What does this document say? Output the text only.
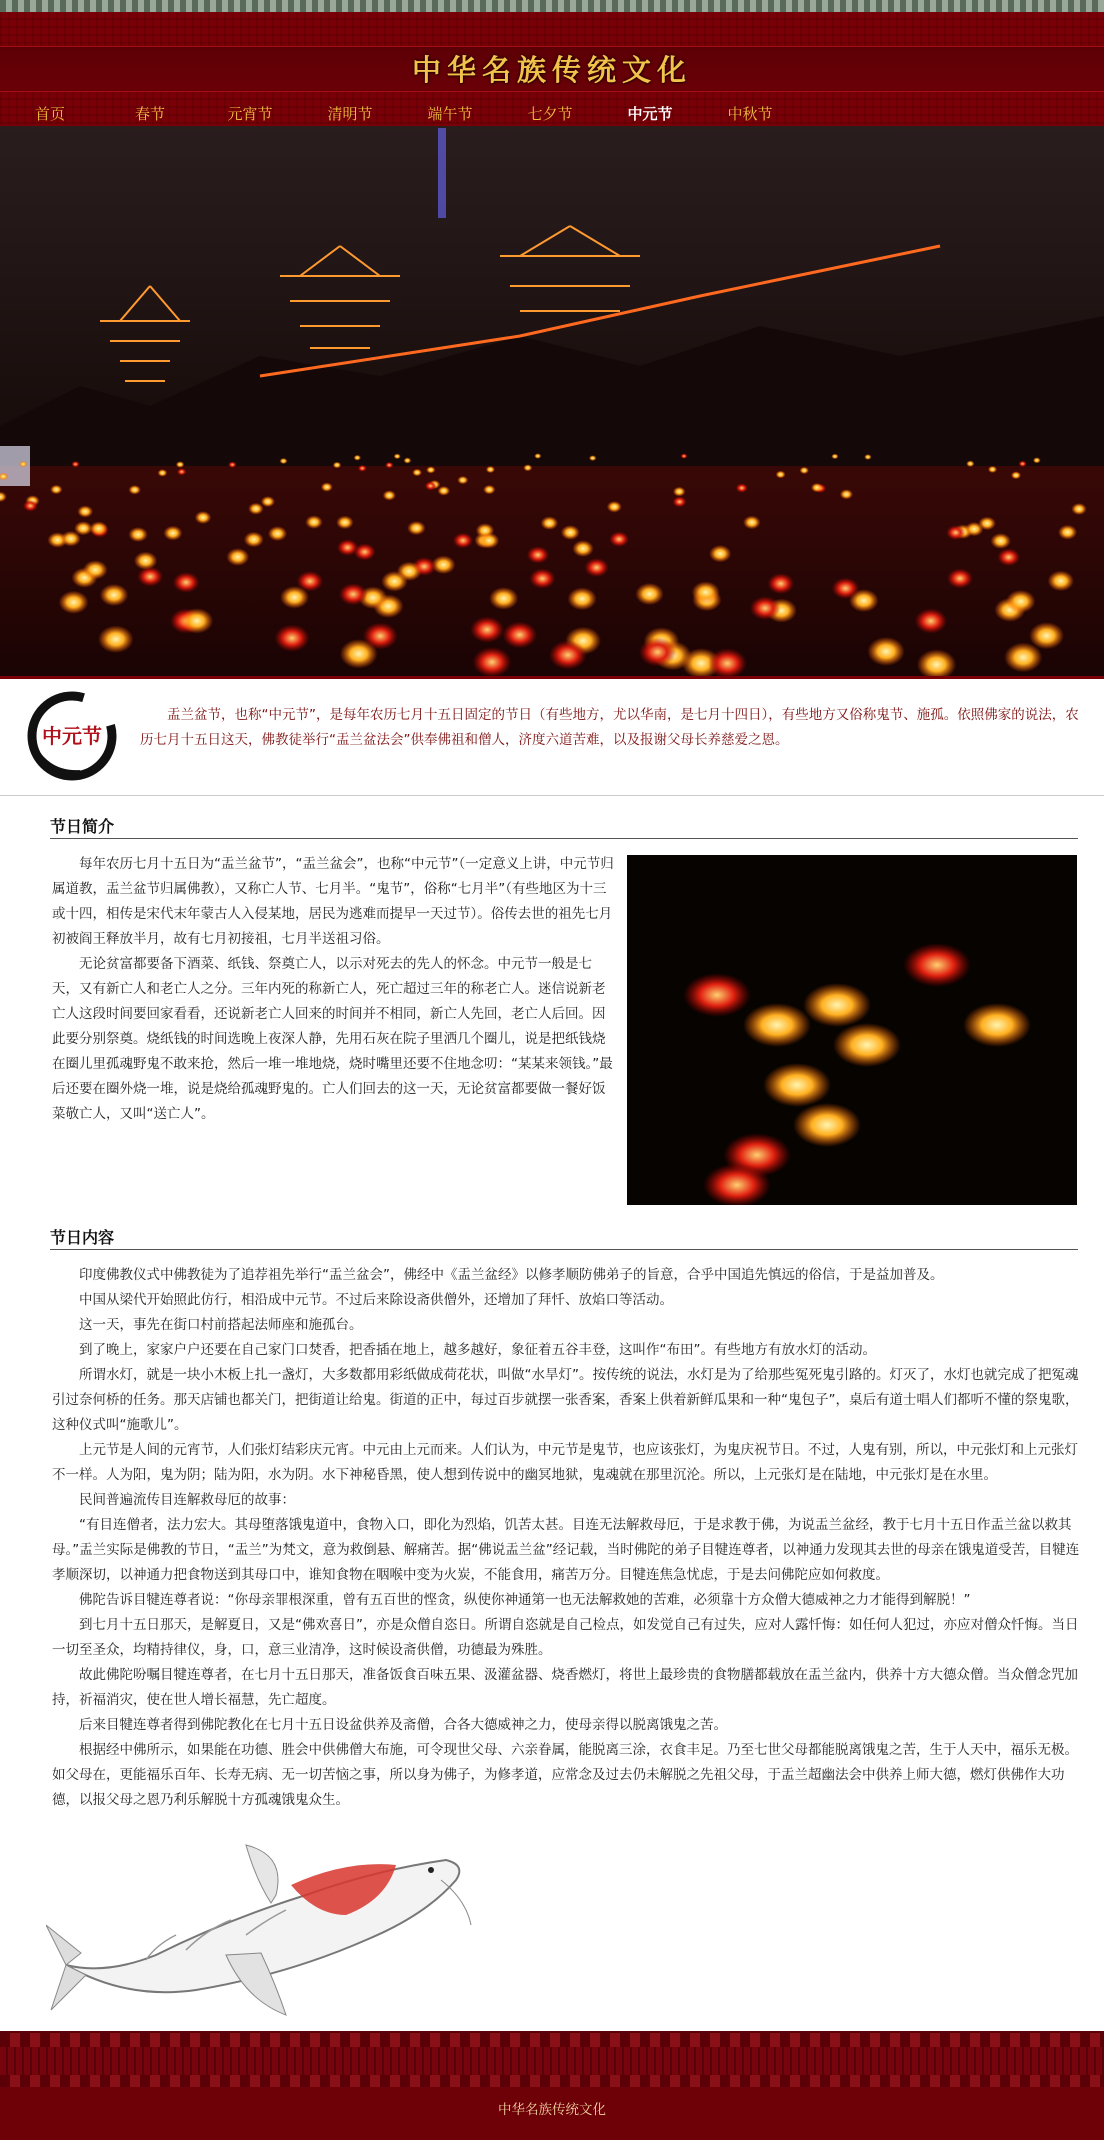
中华名族传统文化
首页	春节	元宵节	清明节	端午节	七夕节	中元节	中秋节
中元节

盂兰盆节，也称“中元节”，是每年农历七月十五日固定的节日（有些地方，尤以华南，是七月十四日），有些地方又俗称鬼节、施孤。依照佛家的说法，农历七月十五日这天，佛教徒举行“盂兰盆法会”供奉佛祖和僧人，济度六道苦难，以及报谢父母长养慈爱之恩。

节日简介

每年农历七月十五日为“盂兰盆节”，“盂兰盆会”，也称“中元节”（一定意义上讲，中元节归属道教，盂兰盆节归属佛教），又称亡人节、七月半。“鬼节”，俗称“七月半”（有些地区为十三或十四，相传是宋代末年蒙古人入侵某地，居民为逃难而提早一天过节）。俗传去世的祖先七月初被阎王释放半月，故有七月初接祖，七月半送祖习俗。

无论贫富都要备下酒菜、纸钱、祭奠亡人，以示对死去的先人的怀念。中元节一般是七天，又有新亡人和老亡人之分。三年内死的称新亡人，死亡超过三年的称老亡人。迷信说新老亡人这段时间要回家看看，还说新老亡人回来的时间并不相同，新亡人先回，老亡人后回。因此要分别祭奠。烧纸钱的时间选晚上夜深人静，先用石灰在院子里洒几个圈儿，说是把纸钱烧在圈儿里孤魂野鬼不敢来抢，然后一堆一堆地烧，烧时嘴里还要不住地念叨：“某某来领钱。”最后还要在圈外烧一堆，说是烧给孤魂野鬼的。亡人们回去的这一天，无论贫富都要做一餐好饭菜敬亡人，又叫“送亡人”。

节日内容

印度佛教仪式中佛教徒为了追荐祖先举行“盂兰盆会”，佛经中《盂兰盆经》以修孝顺防佛弟子的旨意，合乎中国追先慎远的俗信，于是益加普及。

中国从梁代开始照此仿行，相沿成中元节。不过后来除设斋供僧外，还增加了拜忏、放焰口等活动。

这一天，事先在街口村前搭起法师座和施孤台。

到了晚上，家家户户还要在自己家门口焚香，把香插在地上，越多越好，象征着五谷丰登，这叫作“布田”。有些地方有放水灯的活动。

所谓水灯，就是一块小木板上扎一盏灯，大多数都用彩纸做成荷花状，叫做“水旱灯”。按传统的说法，水灯是为了给那些冤死鬼引路的。灯灭了，水灯也就完成了把冤魂引过奈何桥的任务。那天店铺也都关门，把街道让给鬼。街道的正中，每过百步就摆一张香案，香案上供着新鲜瓜果和一种“鬼包子”，桌后有道士唱人们都听不懂的祭鬼歌，这种仪式叫“施歌儿”。

上元节是人间的元宵节，人们张灯结彩庆元宵。中元由上元而来。人们认为，中元节是鬼节，也应该张灯，为鬼庆祝节日。不过，人鬼有别，所以，中元张灯和上元张灯不一样。人为阳，鬼为阴；陆为阳，水为阴。水下神秘昏黑，使人想到传说中的幽冥地狱，鬼魂就在那里沉沦。所以，上元张灯是在陆地，中元张灯是在水里。

民间普遍流传目连解救母厄的故事：

“有目连僧者，法力宏大。其母堕落饿鬼道中，食物入口，即化为烈焰，饥苦太甚。目连无法解救母厄，于是求教于佛，为说盂兰盆经，教于七月十五日作盂兰盆以救其母。”盂兰实际是佛教的节日，“盂兰”为梵文，意为救倒悬、解痛苦。据“佛说盂兰盆”经记载，当时佛陀的弟子目犍连尊者，以神通力发现其去世的母亲在饿鬼道受苦，目犍连孝顺深切，以神通力把食物送到其母口中，谁知食物在咽喉中变为火炭，不能食用，痛苦万分。目犍连焦急忧虑，于是去问佛陀应如何救度。

佛陀告诉目犍连尊者说：“你母亲罪根深重，曾有五百世的悭贪，纵使你神通第一也无法解救她的苦难，必须靠十方众僧大德威神之力才能得到解脱！”

到七月十五日那天，是解夏日，又是“佛欢喜日”，亦是众僧自恣日。所谓自恣就是自己检点，如发觉自己有过失，应对人露忏悔：如任何人犯过，亦应对僧众忏悔。当日一切至圣众，均精持律仪，身，口，意三业清净，这时候设斋供僧，功德最为殊胜。

故此佛陀吩嘱目犍连尊者，在七月十五日那天，准备饭食百味五果、汲灌盆器、烧香燃灯，将世上最珍贵的食物膳都载放在盂兰盆内，供养十方大德众僧。当众僧念咒加持，祈福消灾，使在世人增长福慧，先亡超度。

后来目犍连尊者得到佛陀教化在七月十五日设盆供养及斋僧，合各大德威神之力，使母亲得以脱离饿鬼之苦。

根据经中佛所示，如果能在功德、胜会中供佛僧大布施，可令现世父母、六亲眷属，能脱离三涂，衣食丰足。乃至七世父母都能脱离饿鬼之苦，生于人天中，福乐无极。如父母在，更能福乐百年、长寿无病、无一切苦恼之事，所以身为佛子，为修孝道，应常念及过去仍未解脱之先祖父母，于盂兰超幽法会中供养上师大德，燃灯供佛作大功德，以报父母之恩乃利乐解脱十方孤魂饿鬼众生。

中华名族传统文化
